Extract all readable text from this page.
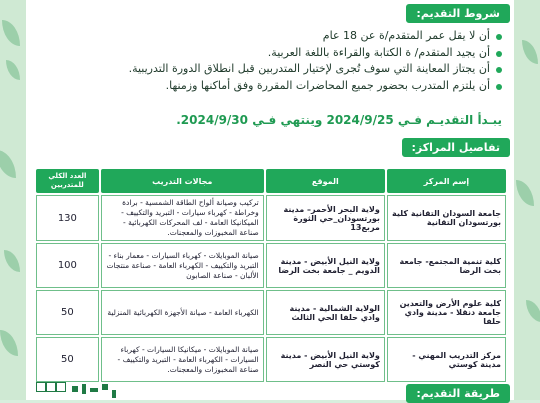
شروط التقديم:
أن لا يقل عمر المتقدم/ة عن 18 عام
أن يجيد المتقدم/ ة الكتابة والقراءة باللغة العربية.
أن يجتاز المعاينة التي سوف تُجرى لإختيار المتدربين قبل انطلاق الدورة التدريبية.
أن يلتزم المتدرب بحضور جميع المحاضرات المقررة وفق أماكنها وزمنها.
يبـدأ التقديـم فـي 2024/9/25 وينتهي فـي 2024/9/30.
تفاصيل المراكز:
إسم المركز	الموقع	مجالات التدريب	العدد الكلي للمتدربين
جامعة السودان التقانية كلية بورتسودان التقانية	ولاية البحر الأحمر– مدينة بورتسودان_حي الثورة مربع13	تركيب وصيانة ألواح الطاقة الشمسية - برادة وخراطة - كهرباء سيارات - التبريد والتكييف - الميكانيكا العامة - لف المحركات الكهربائية - صناعة المخبوزات والمعجنات.	130
كلية تنمية المجتمع- جامعة بخت الرضا	ولاية النيل الأبيض - مدينة الدويم _ جامعة بخت الرضا	صيانة الموبايلات - كهرباء السيارات - معمار بناء - التبريد والتكييف - الكهرباء العامة - صناعة منتجات الألبان - صناعة الصابون	100
كلية علوم الأرض والتعدين جامعة دنقلا - مدينة وادي حلفا	الولاية الشمالية - مدينة وادي حلفا الحي الثالث	الكهرباء العامة - صيانة الأجهزة الكهربائية المنزلية	50
مركز التدريب المهني - مدينة كوستي	ولاية النيل الأبيض - مدينة كوستي حي النصر	صيانة الموبايلات - ميكانيكا السيارات - كهرباء السيارات - الكهرباء العامة - التبريد والتكييف - صناعة المخبوزات والمعجنات.	50
طريقة التقديم:
